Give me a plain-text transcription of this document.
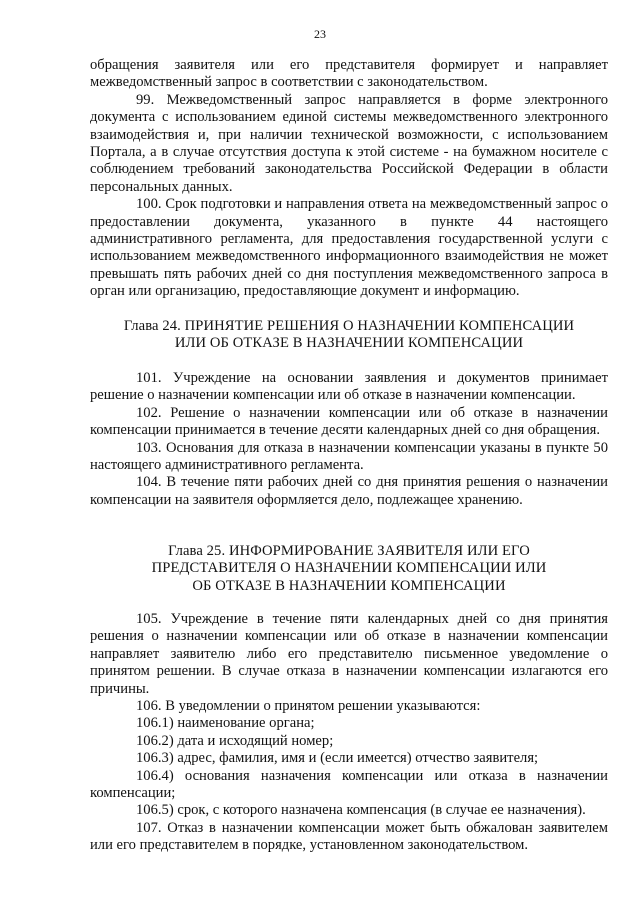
23

обращения заявителя или его представителя формирует и направляет межведомственный запрос в соответствии с законодательством.

99. Межведомственный запрос направляется в форме электронного документа с использованием единой системы межведомственного электронного взаимодействия и, при наличии технической возможности, с использованием Портала, а в случае отсутствия доступа к этой системе - на бумажном носителе с соблюдением требований законодательства Российской Федерации в области персональных данных.

100. Срок подготовки и направления ответа на межведомственный запрос о предоставлении документа, указанного в пункте 44 настоящего административного регламента, для предоставления государственной услуги с использованием межведомственного информационного взаимодействия не может превышать пять рабочих дней со дня поступления межведомственного запроса в орган или организацию, предоставляющие документ и информацию.

Глава 24. ПРИНЯТИЕ РЕШЕНИЯ О НАЗНАЧЕНИИ КОМПЕНСАЦИИ
ИЛИ ОБ ОТКАЗЕ В НАЗНАЧЕНИИ КОМПЕНСАЦИИ

101. Учреждение на основании заявления и документов принимает решение о назначении компенсации или об отказе в назначении компенсации.

102. Решение о назначении компенсации или об отказе в назначении компенсации принимается в течение десяти календарных дней со дня обращения.

103. Основания для отказа в назначении компенсации указаны в пункте 50 настоящего административного регламента.

104. В течение пяти рабочих дней со дня принятия решения о назначении компенсации на заявителя оформляется дело, подлежащее хранению.

Глава 25. ИНФОРМИРОВАНИЕ ЗАЯВИТЕЛЯ ИЛИ ЕГО
ПРЕДСТАВИТЕЛЯ О НАЗНАЧЕНИИ КОМПЕНСАЦИИ ИЛИ
ОБ ОТКАЗЕ В НАЗНАЧЕНИИ КОМПЕНСАЦИИ

105. Учреждение в течение пяти календарных дней со дня принятия решения о назначении компенсации или об отказе в назначении компенсации направляет заявителю либо его представителю письменное уведомление о принятом решении. В случае отказа в назначении компенсации излагаются его причины.

106. В уведомлении о принятом решении указываются:

106.1) наименование органа;

106.2) дата и исходящий номер;

106.3) адрес, фамилия, имя и (если имеется) отчество заявителя;

106.4) основания назначения компенсации или отказа в назначении компенсации;

106.5) срок, с которого назначена компенсация (в случае ее назначения).

107. Отказ в назначении компенсации может быть обжалован заявителем или его представителем в порядке, установленном законодательством.
